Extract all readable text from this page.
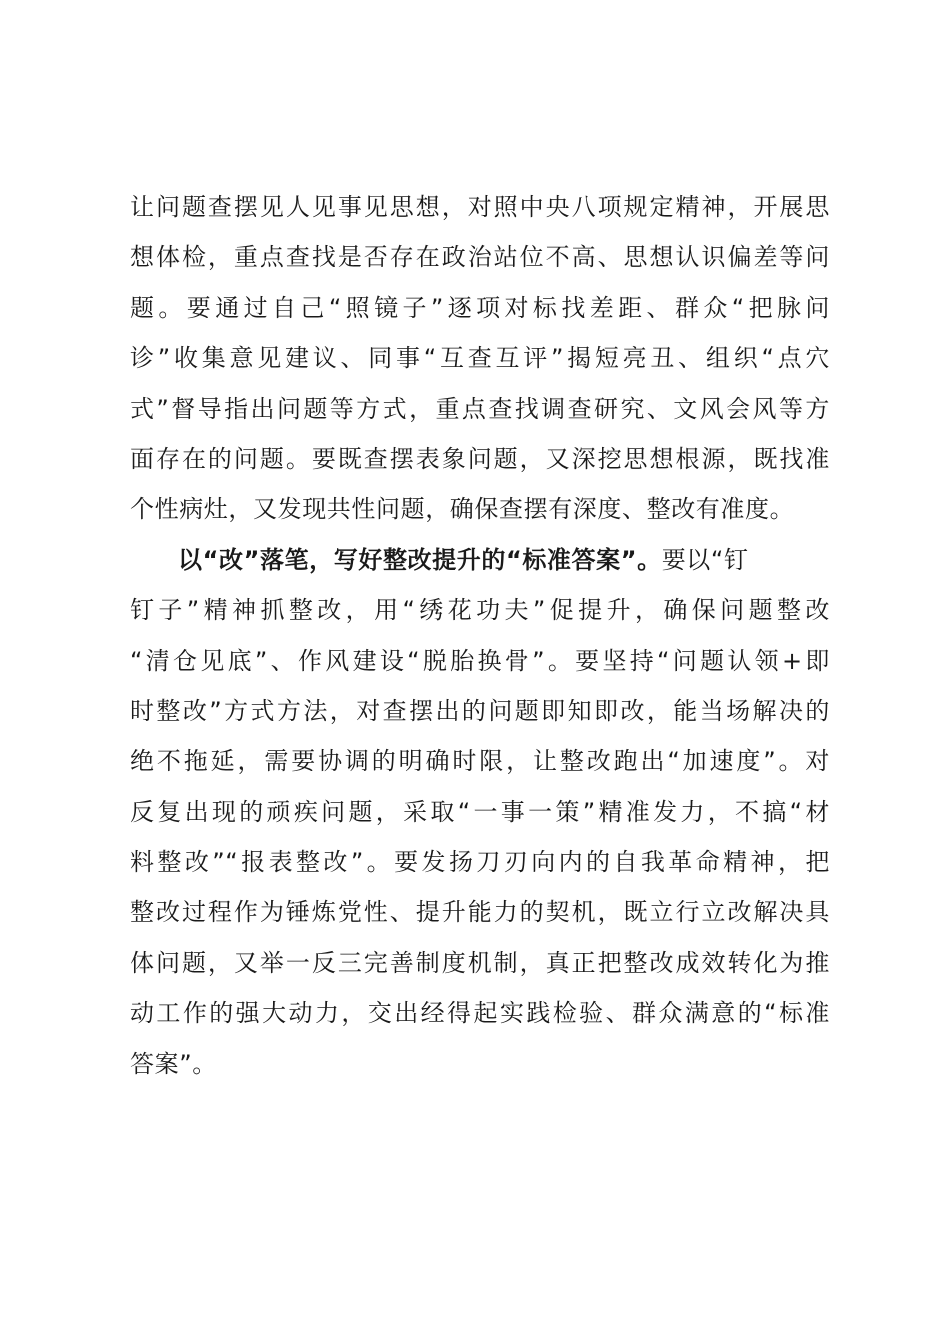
让问题查摆见人见事见思想，对照中央八项规定精神，开展思
想体检，重点查找是否存在政治站位不高、思想认识偏差等问
题。要通过自己“照镜子”逐项对标找差距、群众“把脉问
诊”收集意见建议、同事“互查互评”揭短亮丑、组织“点穴
式”督导指出问题等方式，重点查找调查研究、文风会风等方
面存在的问题。要既查摆表象问题，又深挖思想根源，既找准
个性病灶，又发现共性问题，确保查摆有深度、整改有准度。
以“改”落笔，写好整改提升的“标准答案”。要以“钉
钉子”精神抓整改，用“绣花功夫”促提升，确保问题整改
“清仓见底”、作风建设“脱胎换骨”。要坚持“问题认领+即
时整改”方式方法，对查摆出的问题即知即改，能当场解决的
绝不拖延，需要协调的明确时限，让整改跑出“加速度”。对
反复出现的顽疾问题，采取“一事一策”精准发力，不搞“材
料整改”“报表整改”。要发扬刀刃向内的自我革命精神，把
整改过程作为锤炼党性、提升能力的契机，既立行立改解决具
体问题，又举一反三完善制度机制，真正把整改成效转化为推
动工作的强大动力，交出经得起实践检验、群众满意的“标准
答案”。
